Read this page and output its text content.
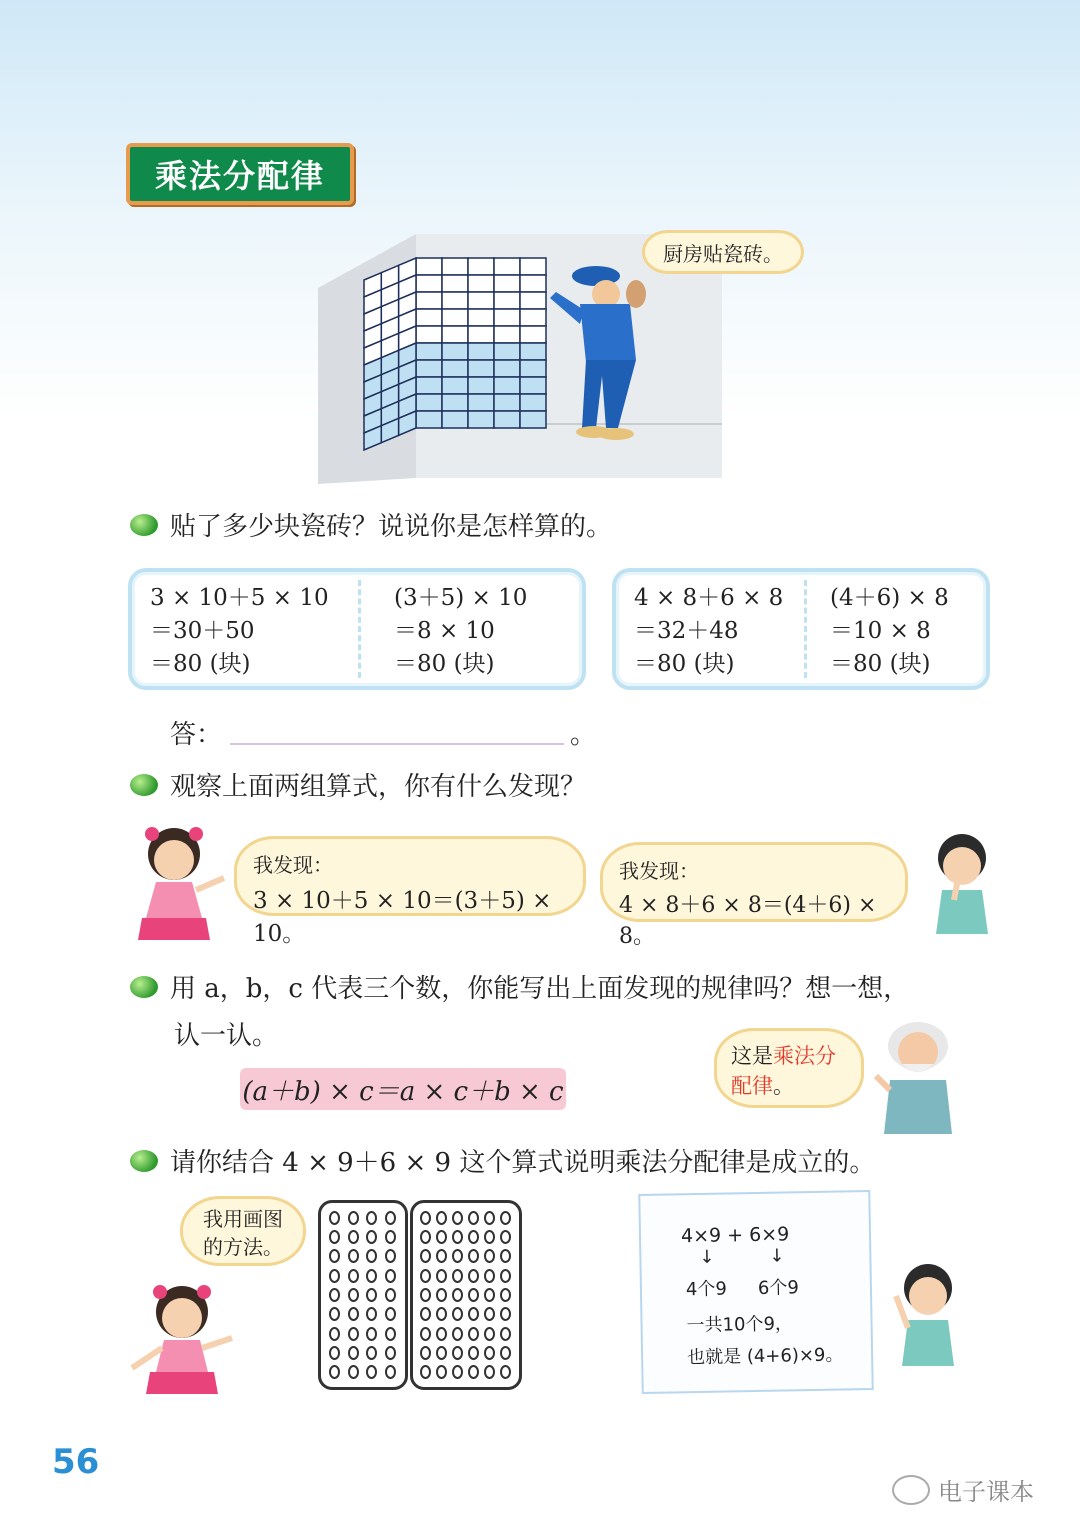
乘法分配律
厨房贴瓷砖。
贴了多少块瓷砖？说说你是怎样算的。
3 × 10＋5 × 10
＝30＋50
＝80 (块)
(3＋5) × 10
＝8 × 10
＝80 (块)
4 × 8＋6 × 8
＝32＋48
＝80 (块)
(4＋6) × 8
＝10 × 8
＝80 (块)
答：	。
观察上面两组算式，你有什么发现？
我发现：
3 × 10＋5 × 10＝(3＋5) × 10。
我发现：
4 × 8＋6 × 8＝(4＋6) × 8。
用 a，b，c 代表三个数，你能写出上面发现的规律吗？想一想，
认一认。
(a＋b) × c＝a × c＋b × c
这是乘法分配律。
请你结合 4 × 9＋6 × 9 这个算式说明乘法分配律是成立的。
我用画图
的方法。	4×9 + 6×9
↓	↓
4个9 6个9
一共10个9，
也就是 (4+6)×9。
56
电子课本
